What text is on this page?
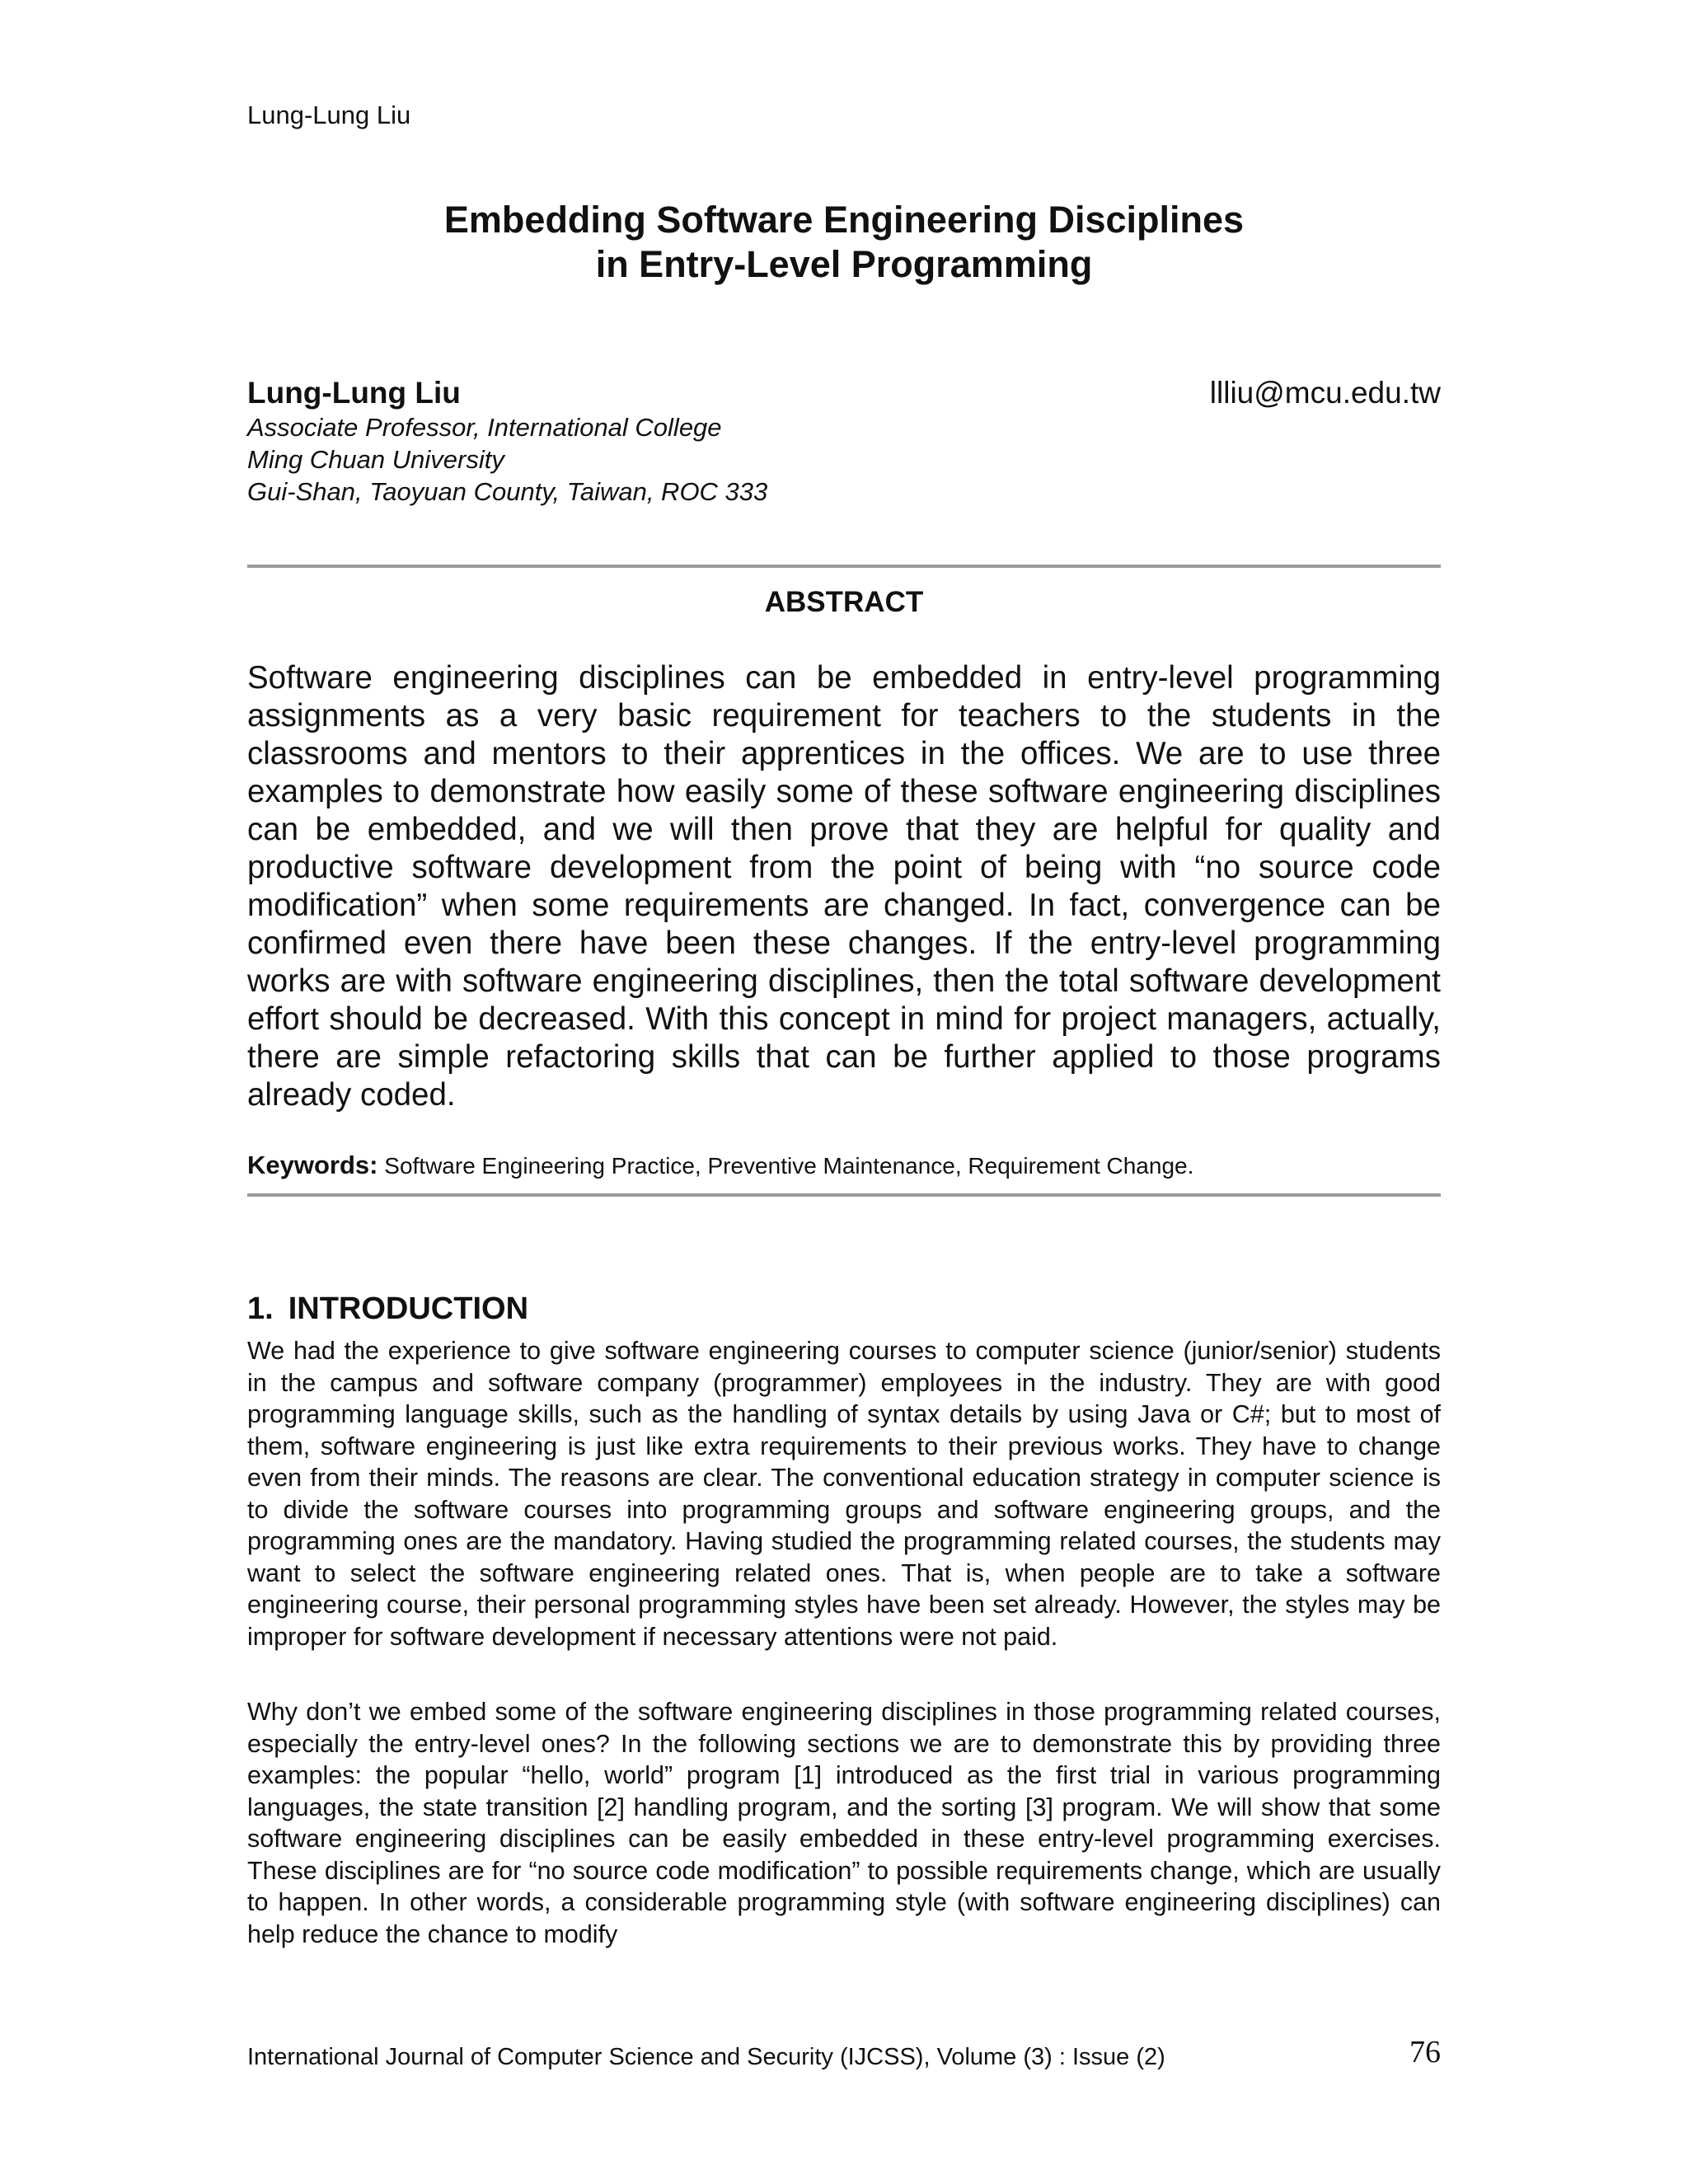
Lung-Lung Liu
Embedding Software Engineering Disciplines
in Entry-Level Programming
Lung-Lung Liu	llliu@mcu.edu.tw
Associate Professor, International College
Ming Chuan University
Gui-Shan, Taoyuan County, Taiwan, ROC 333
ABSTRACT
Software engineering disciplines can be embedded in entry-level programming assignments as a very basic requirement for teachers to the students in the classrooms and mentors to their apprentices in the offices. We are to use three examples to demonstrate how easily some of these software engineering disciplines can be embedded, and we will then prove that they are helpful for quality and productive software development from the point of being with “no source code modification” when some requirements are changed. In fact, convergence can be confirmed even there have been these changes. If the entry-level programming works are with software engineering disciplines, then the total software development effort should be decreased. With this concept in mind for project managers, actually, there are simple refactoring skills that can be further applied to those programs already coded.
Keywords: Software Engineering Practice, Preventive Maintenance, Requirement Change.
1. INTRODUCTION
We had the experience to give software engineering courses to computer science (junior/senior) students in the campus and software company (programmer) employees in the industry. They are with good programming language skills, such as the handling of syntax details by using Java or C#; but to most of them, software engineering is just like extra requirements to their previous works. They have to change even from their minds. The reasons are clear. The conventional education strategy in computer science is to divide the software courses into programming groups and software engineering groups, and the programming ones are the mandatory. Having studied the programming related courses, the students may want to select the software engineering related ones. That is, when people are to take a software engineering course, their personal programming styles have been set already. However, the styles may be improper for software development if necessary attentions were not paid.
Why don’t we embed some of the software engineering disciplines in those programming related courses, especially the entry-level ones? In the following sections we are to demonstrate this by providing three examples: the popular “hello, world” program [1] introduced as the first trial in various programming languages, the state transition [2] handling program, and the sorting [3] program. We will show that some software engineering disciplines can be easily embedded in these entry-level programming exercises. These disciplines are for “no source code modification” to possible requirements change, which are usually to happen. In other words, a considerable programming style (with software engineering disciplines) can help reduce the chance to modify
International Journal of Computer Science and Security (IJCSS), Volume (3) : Issue (2)	76
